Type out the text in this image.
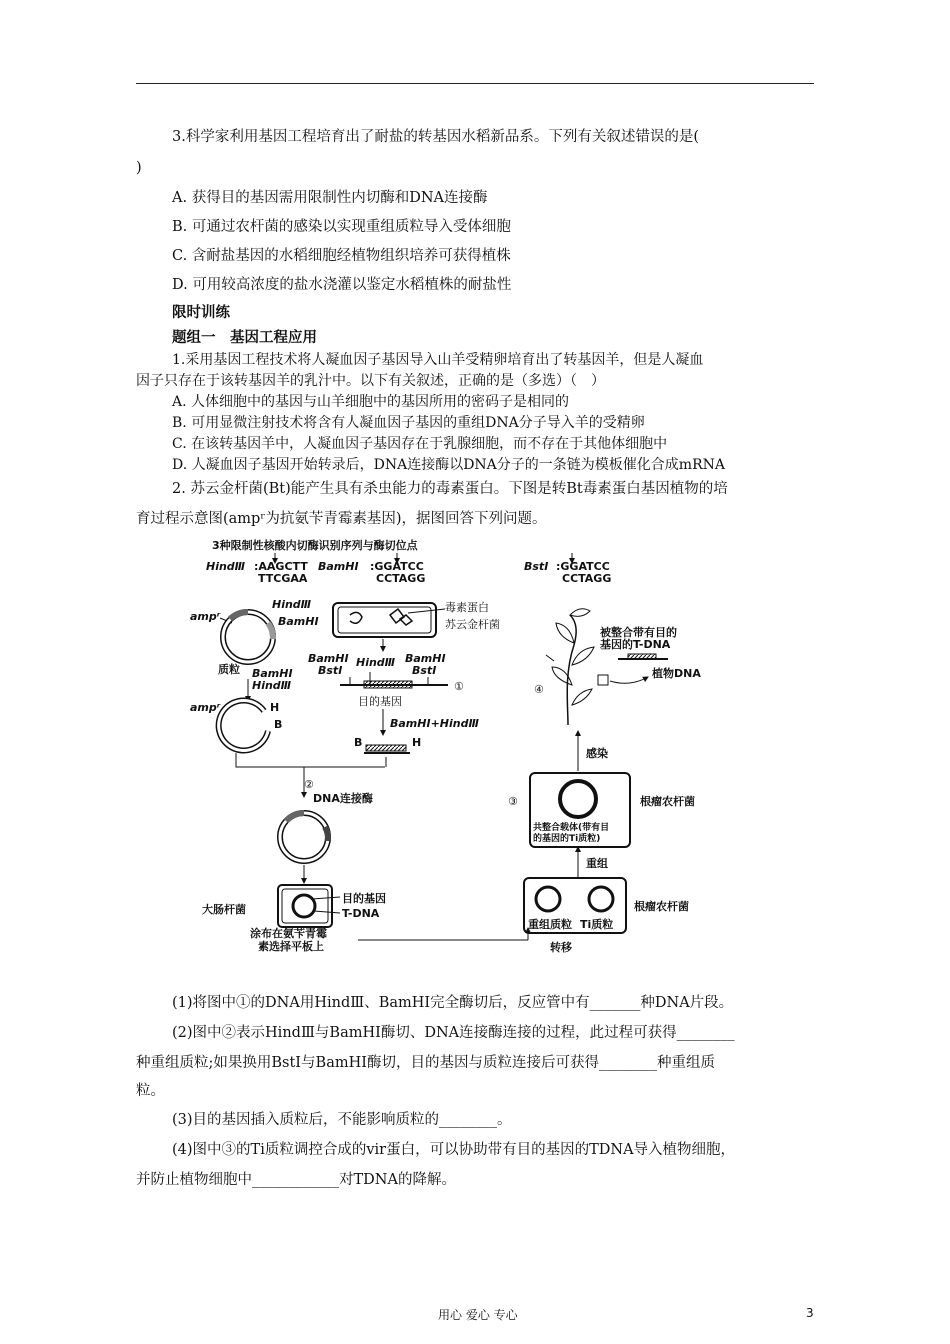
3.科学家利用基因工程培育出了耐盐的转基因水稻新品系。下列有关叙述错误的是(
)
A. 获得目的基因需用限制性内切酶和DNA连接酶
B. 可通过农杆菌的感染以实现重组质粒导入受体细胞
C. 含耐盐基因的水稻细胞经植物组织培养可获得植株
D. 可用较高浓度的盐水浇灌以鉴定水稻植株的耐盐性
限时训练
题组一　基因工程应用
1.采用基因工程技术将人凝血因子基因导入山羊受精卵培育出了转基因羊，但是人凝血
因子只存在于该转基因羊的乳汁中。以下有关叙述，正确的是（多选）（　）
A. 人体细胞中的基因与山羊细胞中的基因所用的密码子是相同的
B. 可用显微注射技术将含有人凝血因子基因的重组DNA分子导入羊的受精卵
C. 在该转基因羊中，人凝血因子基因存在于乳腺细胞，而不存在于其他体细胞中
D. 人凝血因子基因开始转录后，DNA连接酶以DNA分子的一条链为模板催化合成mRNA
2. 苏云金杆菌(Bt)能产生具有杀虫能力的毒素蛋白。下图是转Bt毒素蛋白基因植物的培
育过程示意图(ampʳ为抗氨苄青霉素基因)，据图回答下列问题。
3种限制性核酸内切酶识别序列与酶切位点
HindⅢ :AAGCTT
TTCGAA
BamHⅠ :GGATCC
CCTAGG
BstⅠ :GGATCC
CCTAGG
ampʳ
HindⅢ
BamHⅠ
质粒 BamHⅠ
HindⅢ
ampʳ	H
B
毒素蛋白
苏云金杆菌
BamHⅠ	BamHⅠ
BstⅠ
HindⅢ
BstⅠ
①
目的基因
BamHⅠ+HindⅢ
B	H
②
DNA连接酶
大肠杆菌
目的基因
T-DNA
涂布在氨苄青霉
素选择平板上	转移
重组质粒 Ti质粒
根瘤农杆菌
重组
共整合载体(带有目
的基因的Ti质粒)
③	根瘤农杆菌
感染
④
被整合带有目的
基因的T-DNA
植物DNA
(1)将图中①的DNA用HindⅢ、BamHⅠ完全酶切后，反应管中有_______种DNA片段。
(2)图中②表示HindⅢ与BamHⅠ酶切、DNA连接酶连接的过程，此过程可获得________
种重组质粒;如果换用BstⅠ与BamHⅠ酶切，目的基因与质粒连接后可获得________种重组质
粒。
(3)目的基因插入质粒后，不能影响质粒的________。
(4)图中③的Ti质粒调控合成的vir蛋白，可以协助带有目的基因的TDNA导入植物细胞，
并防止植物细胞中____________对TDNA的降解。
用心 爱心 专心	3
